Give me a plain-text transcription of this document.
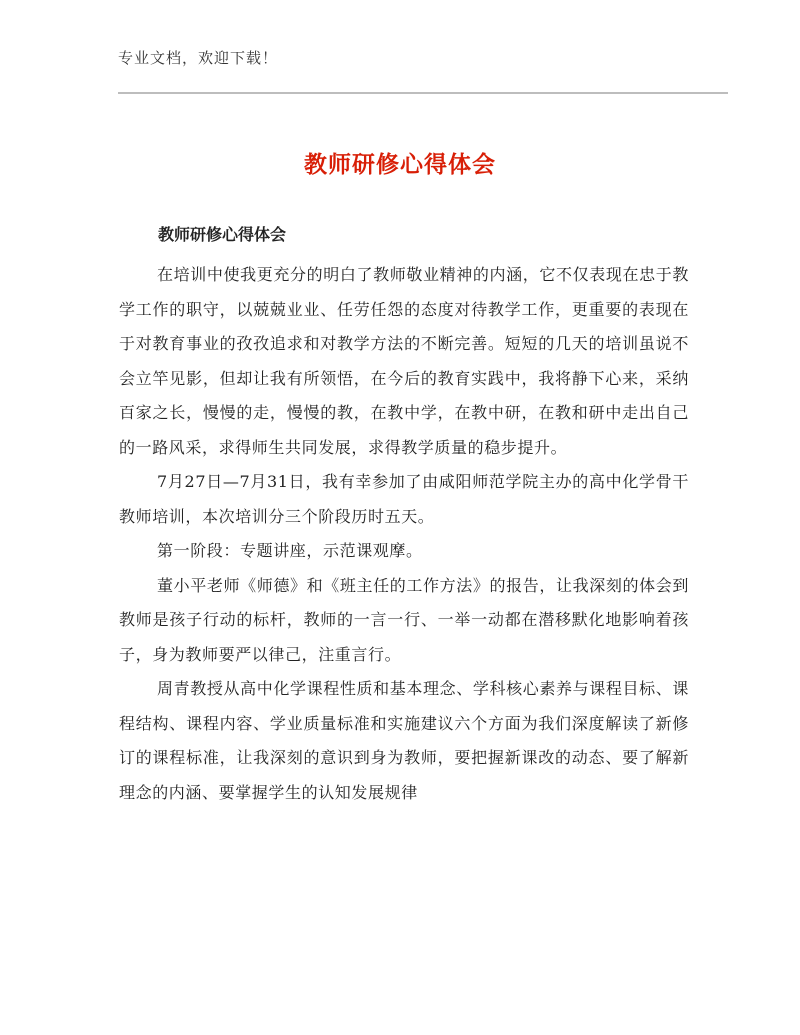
专业文档，欢迎下载！
教师研修心得体会
教师研修心得体会

在培训中使我更充分的明白了教师敬业精神的内涵，它不仅表现在忠于教学工作的职守，以兢兢业业、任劳任怨的态度对待教学工作，更重要的表现在于对教育事业的孜孜追求和对教学方法的不断完善。短短的几天的培训虽说不会立竿见影，但却让我有所领悟，在今后的教育实践中，我将静下心来，采纳百家之长，慢慢的走，慢慢的教，在教中学，在教中研，在教和研中走出自己的一路风采，求得师生共同发展，求得教学质量的稳步提升。

7月27日—7月31日，我有幸参加了由咸阳师范学院主办的高中化学骨干教师培训，本次培训分三个阶段历时五天。

第一阶段：专题讲座，示范课观摩。

董小平老师《师德》和《班主任的工作方法》的报告，让我深刻的体会到教师是孩子行动的标杆，教师的一言一行、一举一动都在潜移默化地影响着孩子，身为教师要严以律己，注重言行。

周青教授从高中化学课程性质和基本理念、学科核心素养与课程目标、课程结构、课程内容、学业质量标准和实施建议六个方面为我们深度解读了新修订的课程标准，让我深刻的意识到身为教师，要把握新课改的动态、要了解新理念的内涵、要掌握学生的认知发展规律
